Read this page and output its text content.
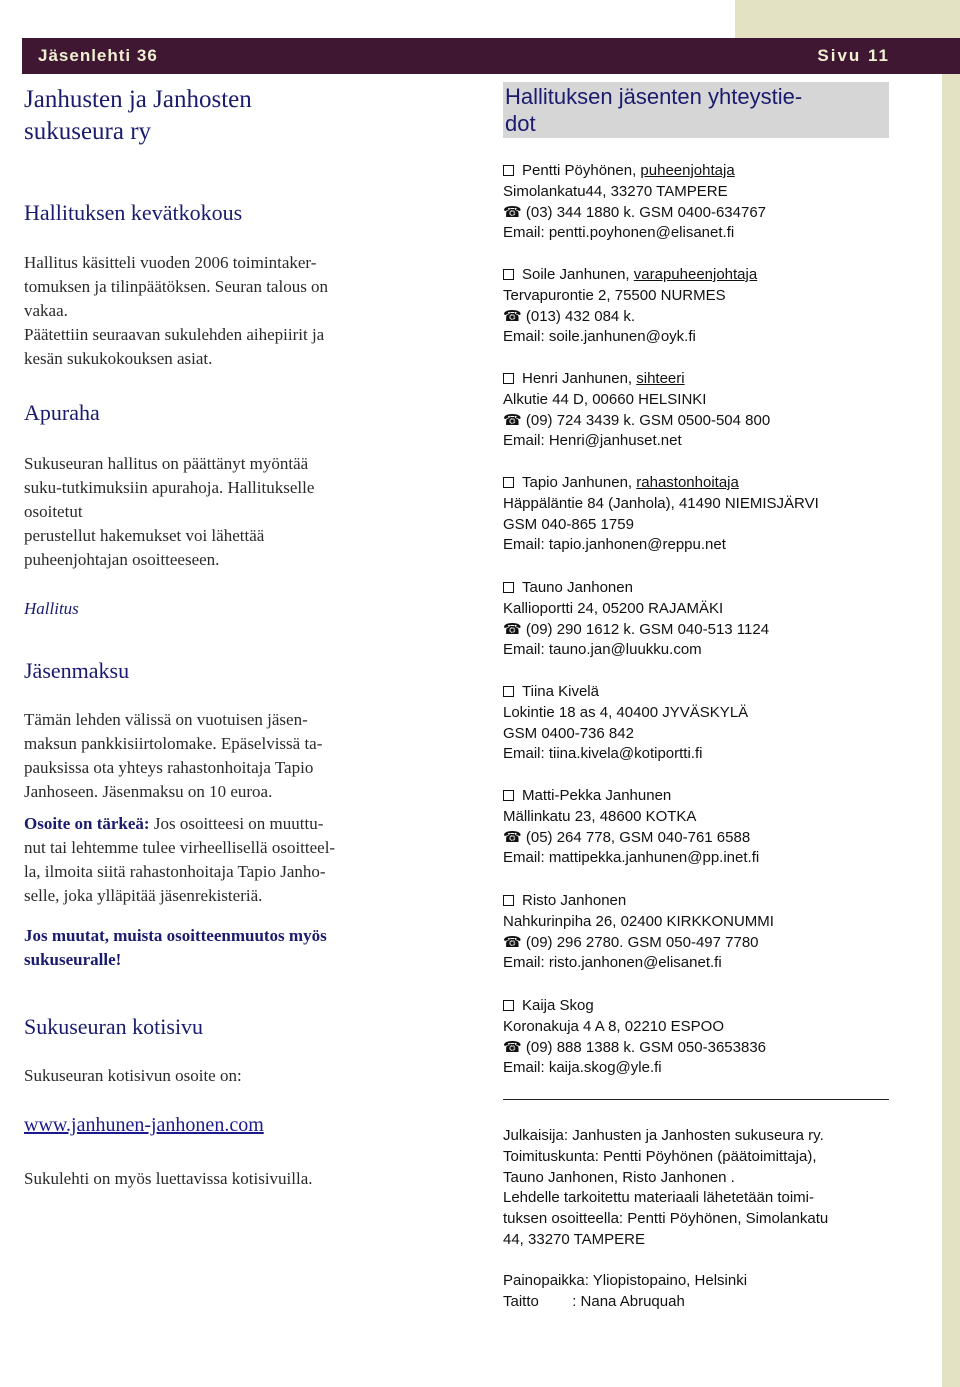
Jäsenlehti 36	Sivu 11
Janhusten ja Janhosten
sukuseura ry
Hallituksen kevätkokous
Hallitus käsitteli vuoden 2006 toimintaker-
tomuksen ja tilinpäätöksen. Seuran talous on
vakaa.
Päätettiin seuraavan sukulehden aihepiirit ja
kesän sukukokouksen asiat.
Apuraha
Sukuseuran hallitus on päättänyt myöntää
suku-tutkimuksiin apurahoja. Hallitukselle
osoitetut
perustellut hakemukset voi lähettää
puheenjohtajan osoitteeseen.
Hallitus
Jäsenmaksu
Tämän lehden välissä on vuotuisen jäsen-
maksun pankkisiirtolomake. Epäselvissä ta-
pauksissa ota yhteys rahastonhoitaja Tapio
Janhoseen. Jäsenmaksu on 10 euroa.
Osoite on tärkeä: Jos osoitteesi on muuttu-
nut tai lehtemme tulee virheellisellä osoitteel-
la, ilmoita siitä rahastonhoitaja Tapio Janho-
selle, joka ylläpitää jäsenrekisteriä.
Jos muutat, muista osoitteenmuutos myös
sukuseuralle!
Sukuseuran kotisivu
Sukuseuran kotisivun osoite on:
www.janhunen-janhonen.com
Sukulehti on myös luettavissa kotisivuilla.
Hallituksen jäsenten yhteystie-
dot
Pentti Pöyhönen, puheenjohtaja
Simolankatu44, 33270 TAMPERE
☎ (03) 344 1880 k. GSM 0400-634767
Email: pentti.poyhonen@elisanet.fi
Soile Janhunen, varapuheenjohtaja
Tervapurontie 2, 75500 NURMES
☎ (013) 432 084 k.
Email: soile.janhunen@oyk.fi
Henri Janhunen, sihteeri
Alkutie 44 D, 00660 HELSINKI
☎ (09) 724 3439 k. GSM 0500-504 800
Email: Henri@janhuset.net
Tapio Janhunen, rahastonhoitaja
Häppäläntie 84 (Janhola), 41490 NIEMISJÄRVI
GSM 040-865 1759
Email: tapio.janhonen@reppu.net
Tauno Janhonen
Kallioportti 24, 05200 RAJAMÄKI
☎ (09) 290 1612 k. GSM 040-513 1124
Email: tauno.jan@luukku.com
Tiina Kivelä
Lokintie 18 as 4, 40400 JYVÄSKYLÄ
GSM 0400-736 842
Email: tiina.kivela@kotiportti.fi
Matti-Pekka Janhunen
Mällinkatu 23, 48600 KOTKA
☎ (05) 264 778, GSM 040-761 6588
Email: mattipekka.janhunen@pp.inet.fi
Risto Janhonen
Nahkurinpiha 26, 02400 KIRKKONUMMI
☎ (09) 296 2780. GSM 050-497 7780
Email: risto.janhonen@elisanet.fi
Kaija Skog
Koronakuja 4 A 8, 02210 ESPOO
☎ (09) 888 1388 k. GSM 050-3653836
Email: kaija.skog@yle.fi
Julkaisija: Janhusten ja Janhosten sukuseura ry.
Toimituskunta: Pentti Pöyhönen (päätoimittaja),
Tauno Janhonen, Risto Janhonen .
Lehdelle tarkoitettu materiaali lähetetään toimi-
tuksen osoitteella: Pentti Pöyhönen, Simolankatu
44, 33270 TAMPERE
Painopaikka: Yliopistopaino, Helsinki
Taitto        : Nana Abruquah
